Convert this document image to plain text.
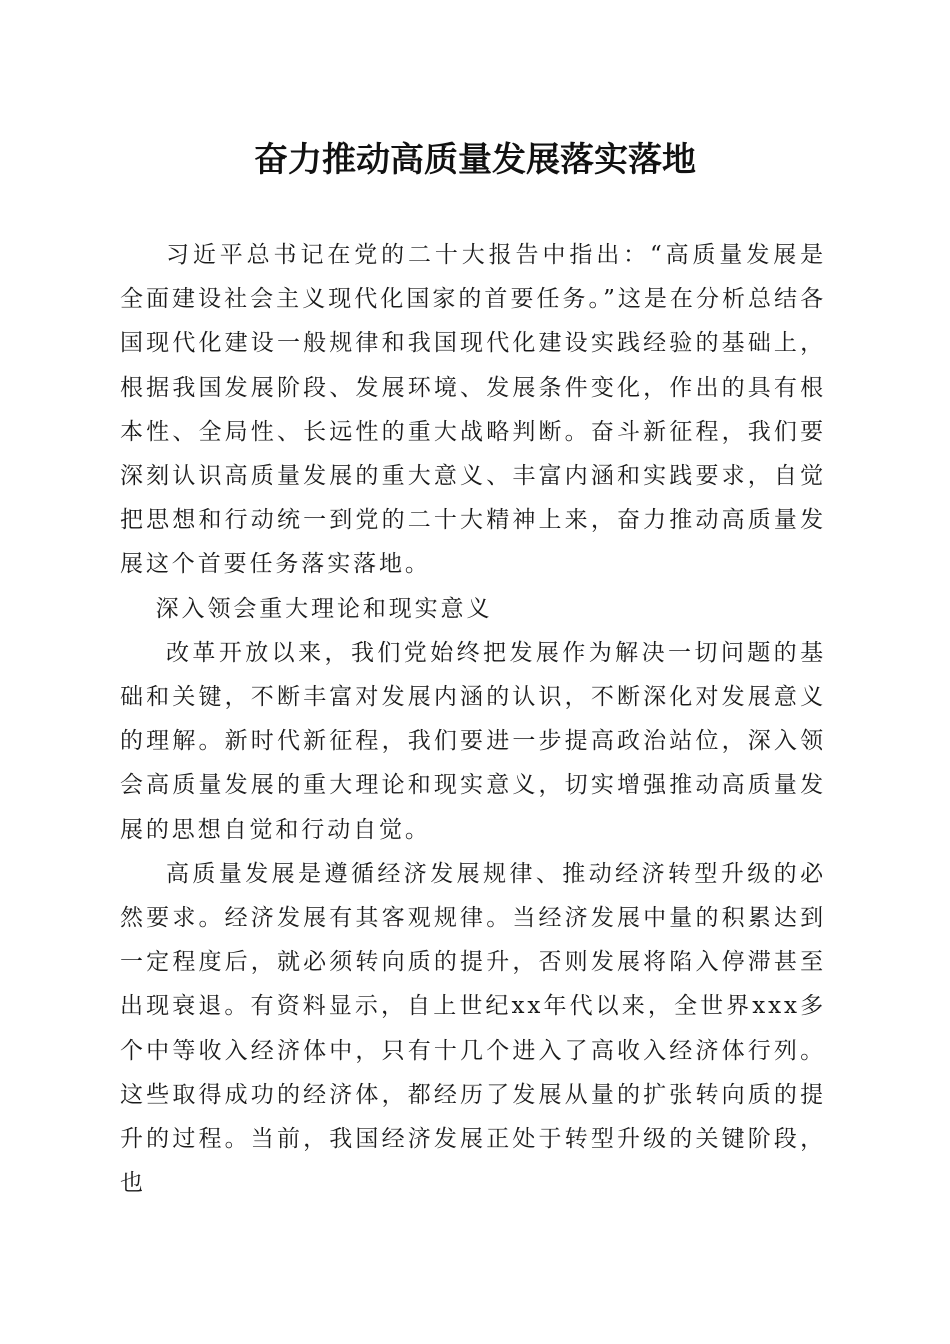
奋力推动高质量发展落实落地

习近平总书记在党的二十大报告中指出：“高质量发展是全面建设社会主义现代化国家的首要任务。”这是在分析总结各国现代化建设一般规律和我国现代化建设实践经验的基础上，根据我国发展阶段、发展环境、发展条件变化，作出的具有根本性、全局性、长远性的重大战略判断。奋斗新征程，我们要深刻认识高质量发展的重大意义、丰富内涵和实践要求，自觉把思想和行动统一到党的二十大精神上来，奋力推动高质量发展这个首要任务落实落地。

深入领会重大理论和现实意义

改革开放以来，我们党始终把发展作为解决一切问题的基础和关键，不断丰富对发展内涵的认识，不断深化对发展意义的理解。新时代新征程，我们要进一步提高政治站位，深入领会高质量发展的重大理论和现实意义，切实增强推动高质量发展的思想自觉和行动自觉。

高质量发展是遵循经济发展规律、推动经济转型升级的必然要求。经济发展有其客观规律。当经济发展中量的积累达到一定程度后，就必须转向质的提升，否则发展将陷入停滞甚至出现衰退。有资料显示，自上世纪xx年代以来，全世界xxx多个中等收入经济体中，只有十几个进入了高收入经济体行列。这些取得成功的经济体，都经历了发展从量的扩张转向质的提升的过程。当前，我国经济发展正处于转型升级的关键阶段，也
